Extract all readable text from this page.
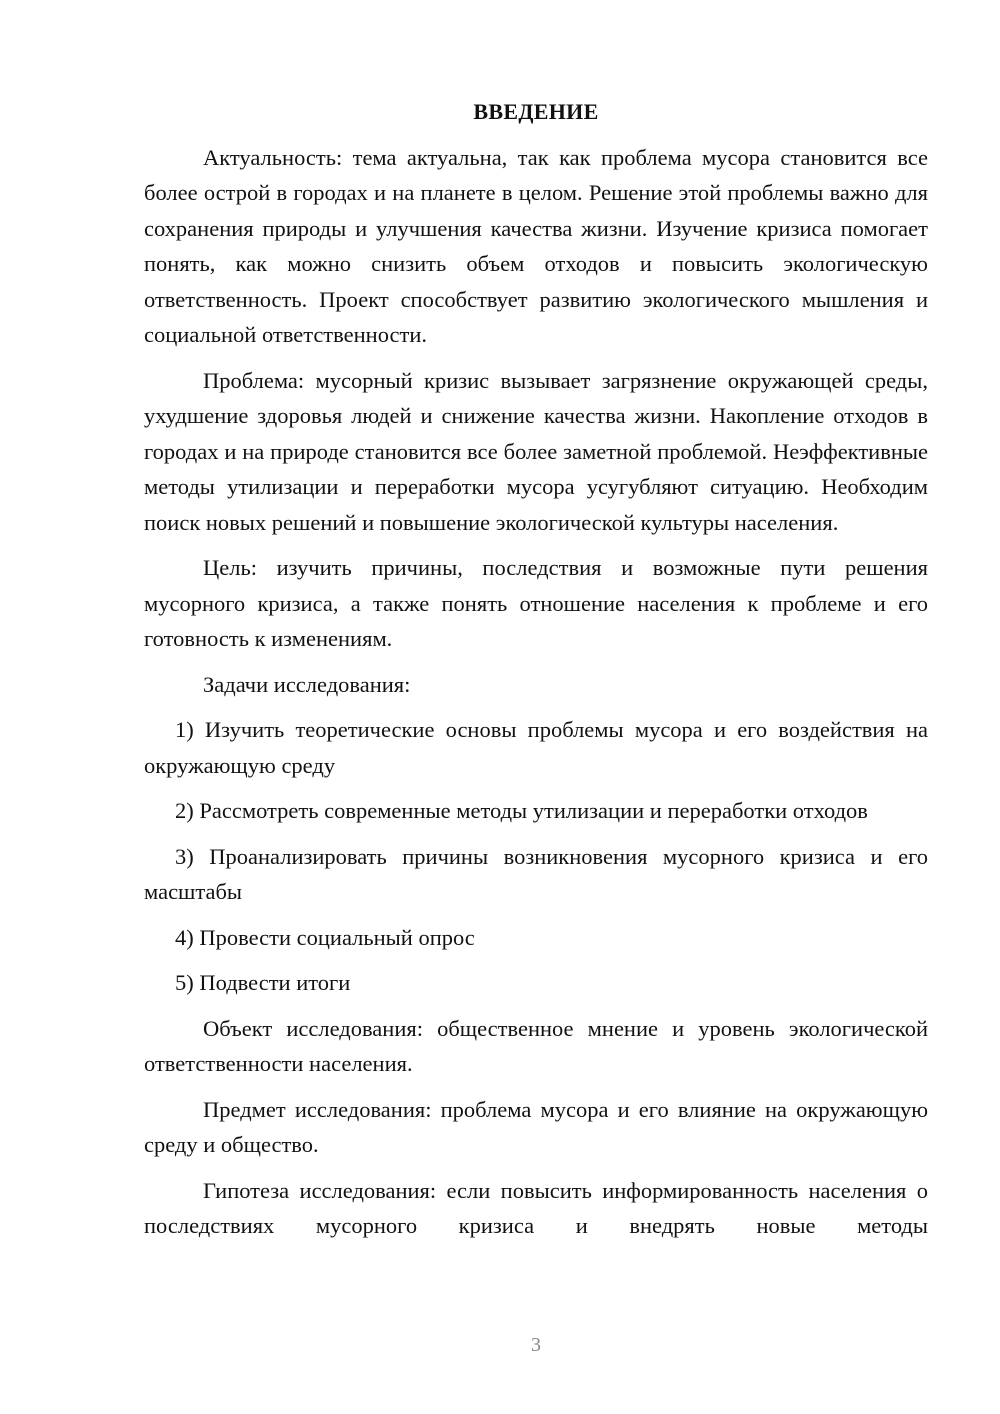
ВВЕДЕНИЕ

Актуальность: тема актуальна, так как проблема мусора становится все более острой в городах и на планете в целом. Решение этой проблемы важно для сохранения природы и улучшения качества жизни. Изучение кризиса помогает понять, как можно снизить объем отходов и повысить экологическую ответственность. Проект способствует развитию экологического мышления и социальной ответственности.

Проблема: мусорный кризис вызывает загрязнение окружающей среды, ухудшение здоровья людей и снижение качества жизни. Накопление отходов в городах и на природе становится все более заметной проблемой. Неэффективные методы утилизации и переработки мусора усугубляют ситуацию. Необходим поиск новых решений и повышение экологической культуры населения.

Цель: изучить причины, последствия и возможные пути решения мусорного кризиса, а также понять отношение населения к проблеме и его готовность к изменениям.

Задачи исследования:

1) Изучить теоретические основы проблемы мусора и его воздействия на окружающую среду

2) Рассмотреть современные методы утилизации и переработки отходов

3) Проанализировать причины возникновения мусорного кризиса и его масштабы

4) Провести социальный опрос

5) Подвести итоги

Объект исследования: общественное мнение и уровень экологической ответственности населения.

Предмет исследования: проблема мусора и его влияние на окружающую среду и общество.

Гипотеза исследования: если повысить информированность населения о последствиях мусорного кризиса и внедрять новые методы

3
